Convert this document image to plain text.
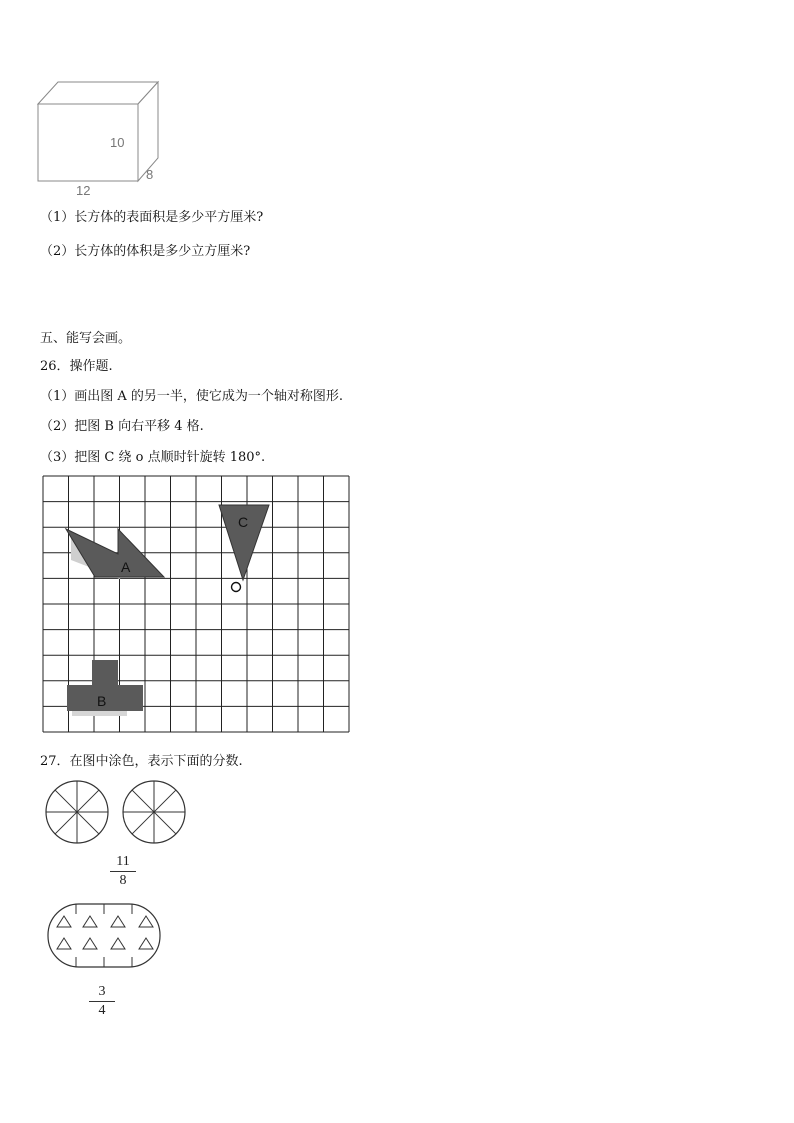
10
12
8
（1）长方体的表面积是多少平方厘米?
（2）长方体的体积是多少立方厘米?
五、能写会画。
26．操作题.
（1）画出图 A 的另一半，使它成为一个轴对称图形.
（2）把图 B 向右平移 4 格.
（3）把图 C 绕 o 点顺时针旋转 180°.
A
B
C
27．在图中涂色，表示下面的分数.
11
8
3
4
